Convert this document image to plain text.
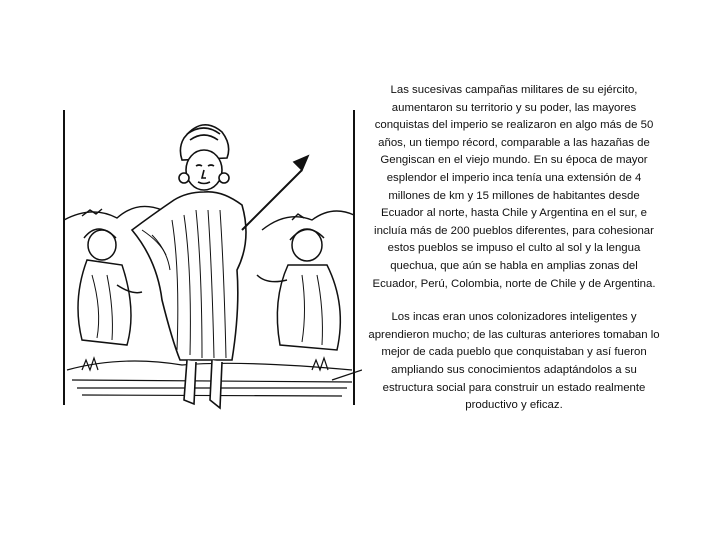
Las sucesivas campañas militares de su ejército, aumentaron su territorio y su poder, las mayores conquistas del imperio se realizaron en algo más de 50 años, un tiempo récord, comparable a las hazañas de Gengiscan en el viejo mundo. En su época de mayor esplendor el imperio inca tenía una extensión de 4 millones de km y 15 millones de habitantes desde Ecuador al norte, hasta Chile y Argentina en el sur, e incluía más de 200 pueblos diferentes, para cohesionar estos pueblos se impuso el culto al sol y la lengua quechua, que aún se habla en amplias zonas del Ecuador, Perú, Colombia, norte de Chile y de Argentina.

Los incas eran unos colonizadores inteligentes y aprendieron mucho; de las culturas anteriores tomaban lo mejor de cada pueblo que conquistaban y así fueron ampliando sus conocimientos adaptándolos a su estructura social para construir un estado realmente productivo y eficaz.
